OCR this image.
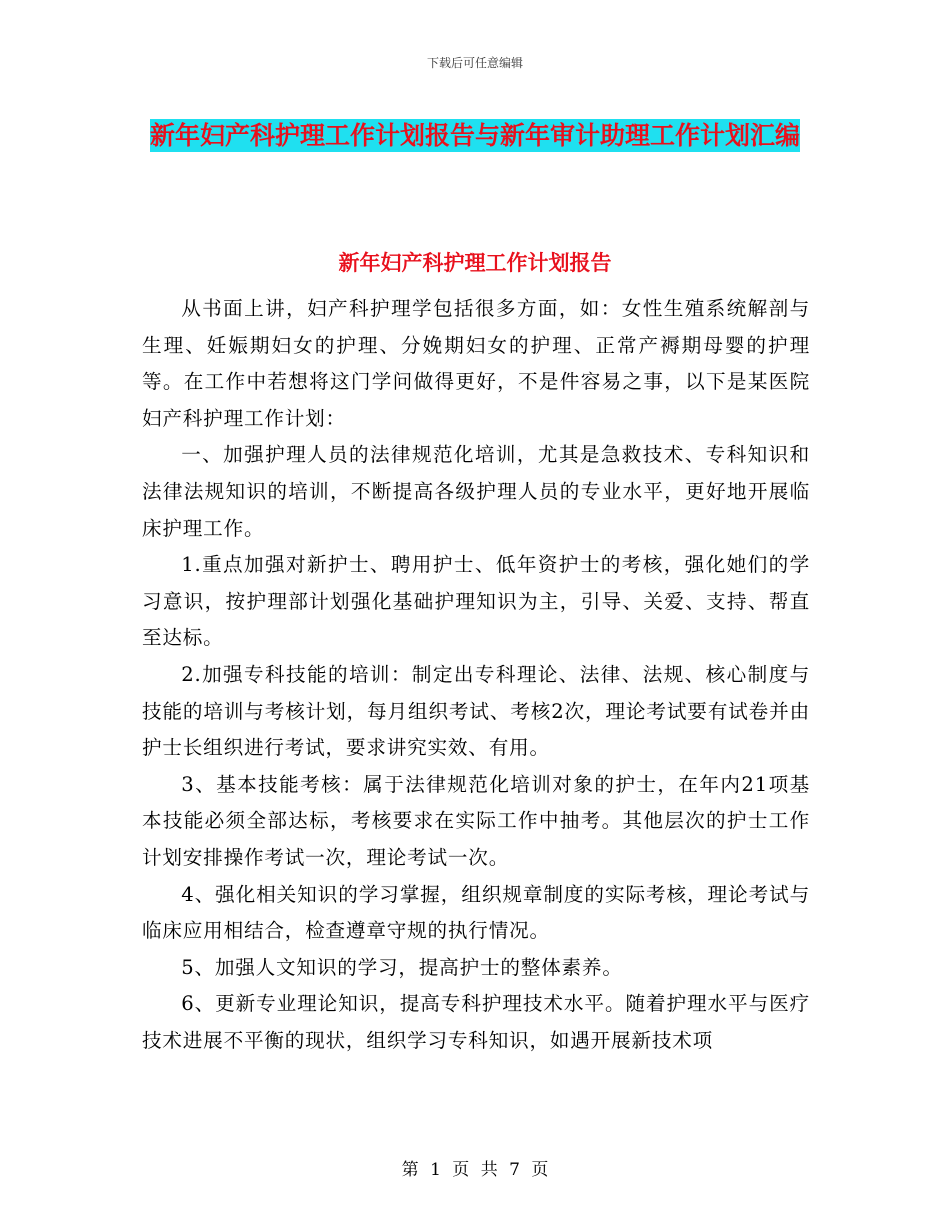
下载后可任意编辑
新年妇产科护理工作计划报告与新年审计助理工作计划汇编
新年妇产科护理工作计划报告

从书面上讲，妇产科护理学包括很多方面，如：女性生殖系统解剖与生理、妊娠期妇女的护理、分娩期妇女的护理、正常产褥期母婴的护理等。在工作中若想将这门学问做得更好，不是件容易之事，以下是某医院妇产科护理工作计划：

一、加强护理人员的法律规范化培训，尤其是急救技术、专科知识和法律法规知识的培训，不断提高各级护理人员的专业水平，更好地开展临床护理工作。

1.重点加强对新护士、聘用护士、低年资护士的考核，强化她们的学习意识，按护理部计划强化基础护理知识为主，引导、关爱、支持、帮直至达标。

2.加强专科技能的培训：制定出专科理论、法律、法规、核心制度与技能的培训与考核计划，每月组织考试、考核2次，理论考试要有试卷并由护士长组织进行考试，要求讲究实效、有用。

3、基本技能考核：属于法律规范化培训对象的护士，在年内21项基本技能必须全部达标，考核要求在实际工作中抽考。其他层次的护士工作计划安排操作考试一次，理论考试一次。

4、强化相关知识的学习掌握，组织规章制度的实际考核，理论考试与临床应用相结合，检查遵章守规的执行情况。

5、加强人文知识的学习，提高护士的整体素养。

6、更新专业理论知识，提高专科护理技术水平。随着护理水平与医疗技术进展不平衡的现状，组织学习专科知识，如遇开展新技术项

第 1 页 共 7 页
